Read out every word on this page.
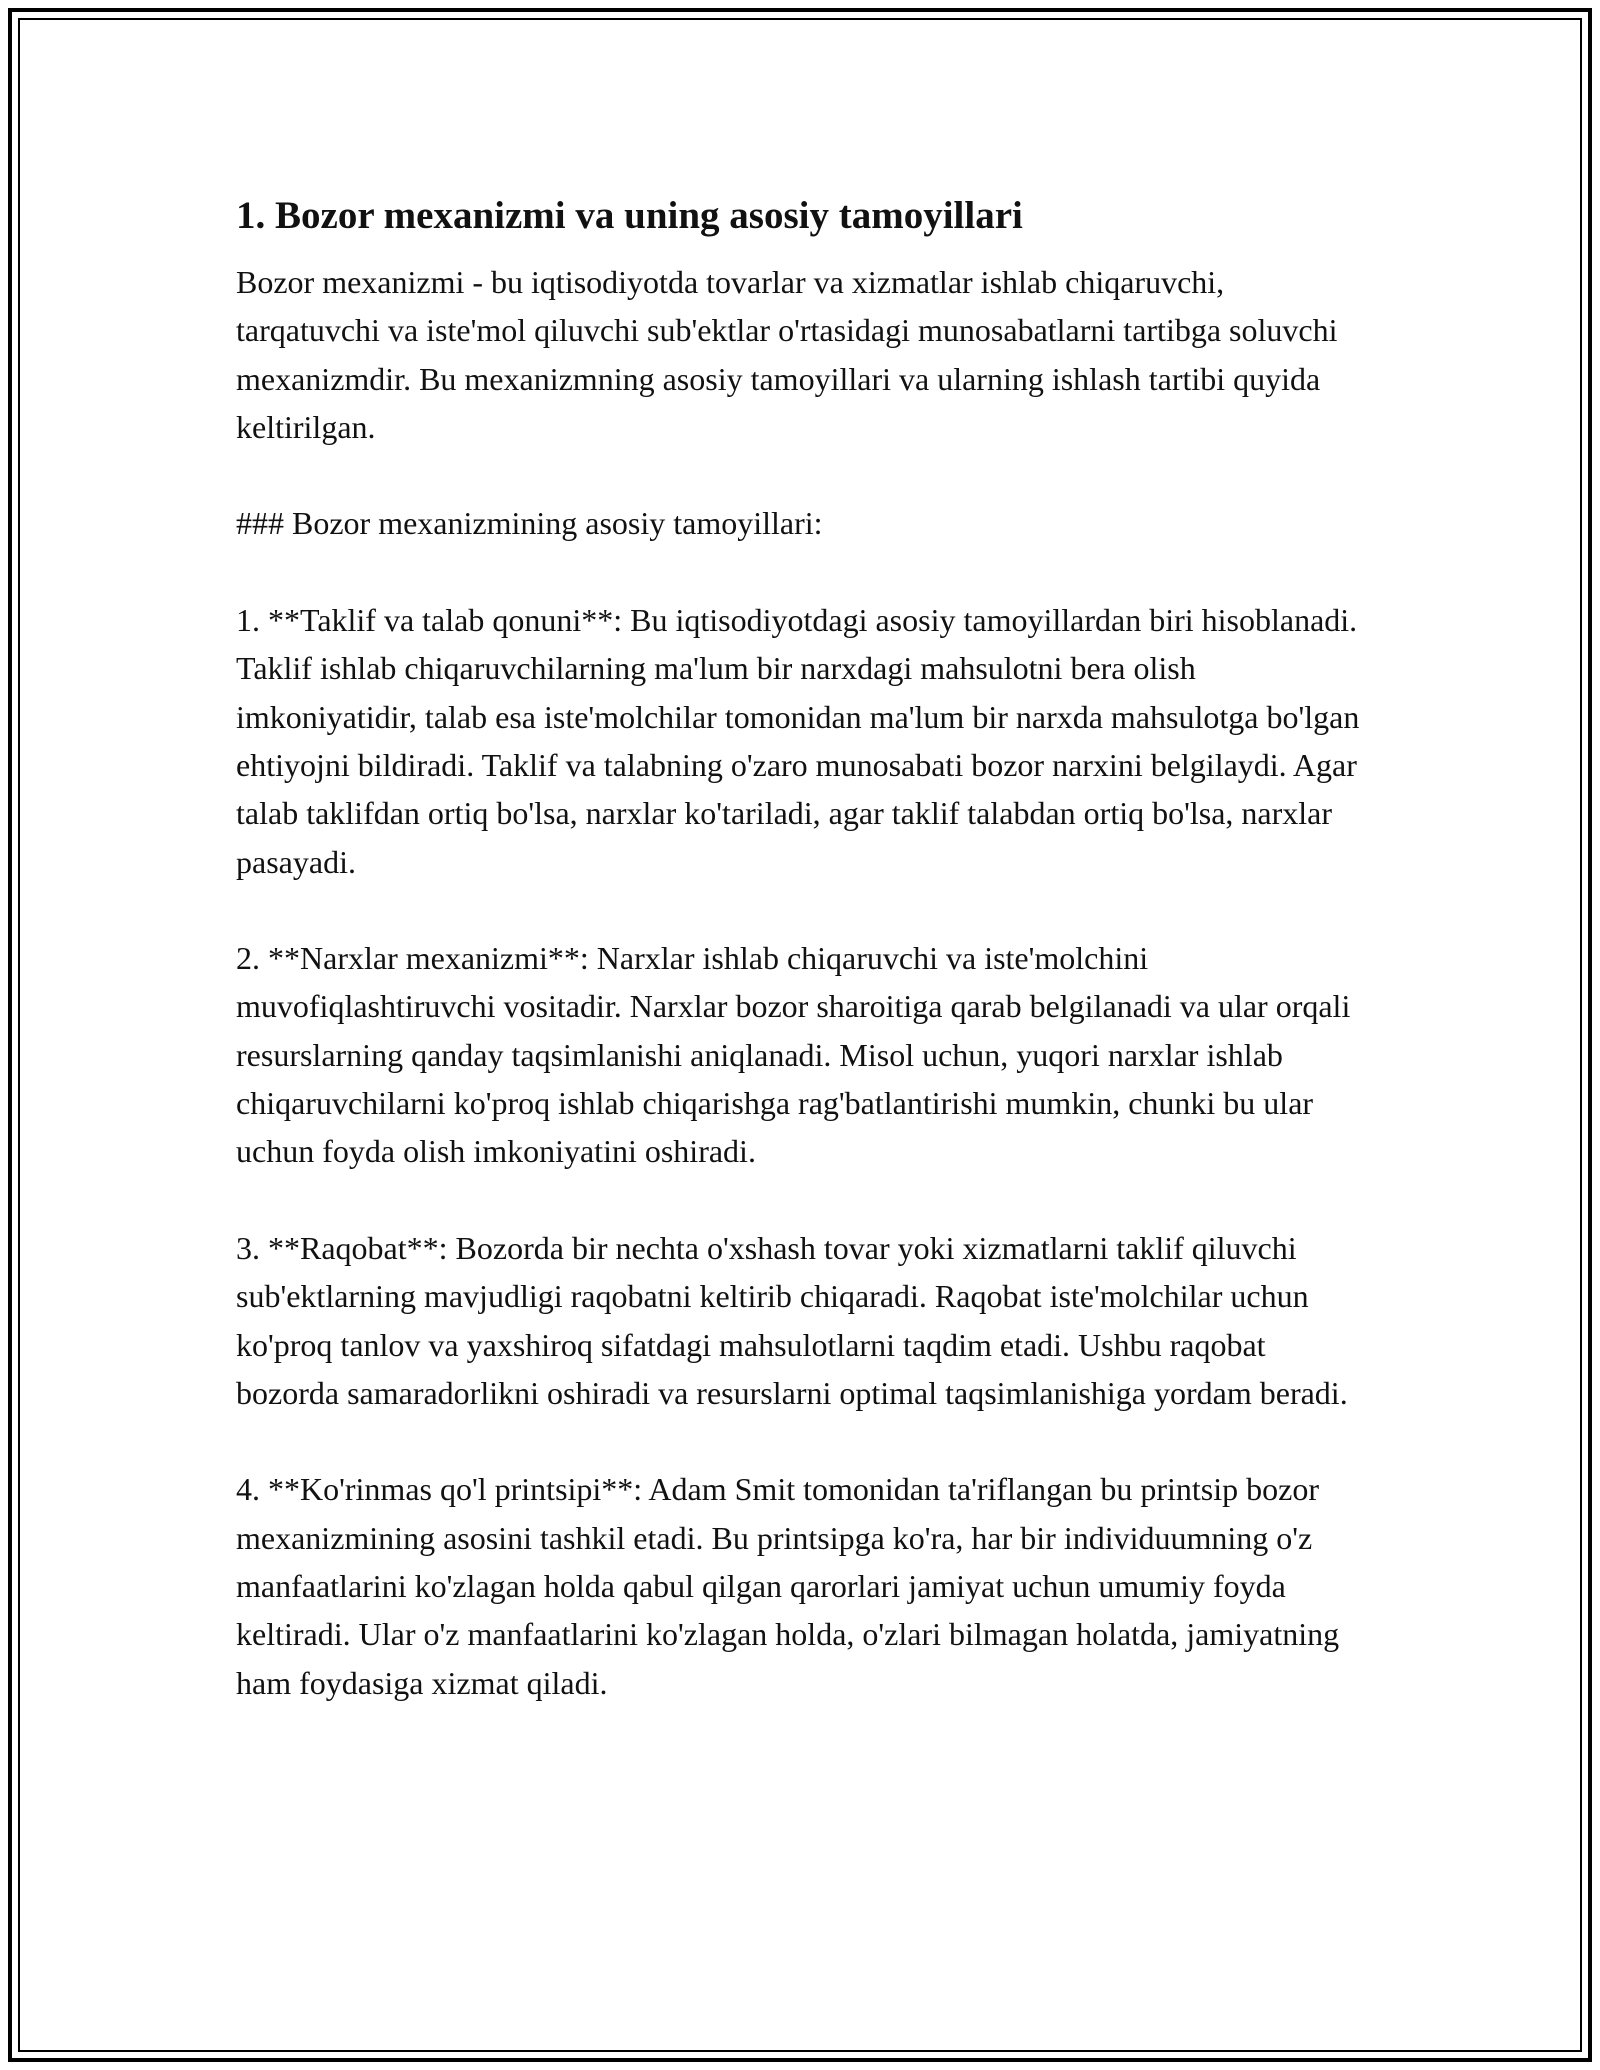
1. Bozor mexanizmi va uning asosiy tamoyillari
Bozor mexanizmi - bu iqtisodiyotda tovarlar va xizmatlar ishlab chiqaruvchi, tarqatuvchi va iste'mol qiluvchi sub'ektlar o'rtasidagi munosabatlarni tartibga soluvchi mexanizmdir. Bu mexanizmning asosiy tamoyillari va ularning ishlash tartibi quyida keltirilgan.

### Bozor mexanizmining asosiy tamoyillari:

1. **Taklif va talab qonuni**: Bu iqtisodiyotdagi asosiy tamoyillardan biri hisoblanadi. Taklif ishlab chiqaruvchilarning ma'lum bir narxdagi mahsulotni bera olish imkoniyatidir, talab esa iste'molchilar tomonidan ma'lum bir narxda mahsulotga bo'lgan ehtiyojni bildiradi. Taklif va talabning o'zaro munosabati bozor narxini belgilaydi. Agar talab taklifdan ortiq bo'lsa, narxlar ko'tariladi, agar taklif talabdan ortiq bo'lsa, narxlar pasayadi.

2. **Narxlar mexanizmi**: Narxlar ishlab chiqaruvchi va iste'molchini muvofiqlashtiruvchi vositadir. Narxlar bozor sharoitiga qarab belgilanadi va ular orqali resurslarning qanday taqsimlanishi aniqlanadi. Misol uchun, yuqori narxlar ishlab chiqaruvchilarni ko'proq ishlab chiqarishga rag'batlantirishi mumkin, chunki bu ular uchun foyda olish imkoniyatini oshiradi.

3. **Raqobat**: Bozorda bir nechta o'xshash tovar yoki xizmatlarni taklif qiluvchi sub'ektlarning mavjudligi raqobatni keltirib chiqaradi. Raqobat iste'molchilar uchun ko'proq tanlov va yaxshiroq sifatdagi mahsulotlarni taqdim etadi. Ushbu raqobat bozorda samaradorlikni oshiradi va resurslarni optimal taqsimlanishiga yordam beradi.

4. **Ko'rinmas qo'l printsipi**: Adam Smit tomonidan ta'riflangan bu printsip bozor mexanizmining asosini tashkil etadi. Bu printsipga ko'ra, har bir individuumning o'z manfaatlarini ko'zlagan holda qabul qilgan qarorlari jamiyat uchun umumiy foyda keltiradi. Ular o'z manfaatlarini ko'zlagan holda, o'zlari bilmagan holatda, jamiyatning ham foydasiga xizmat qiladi.
